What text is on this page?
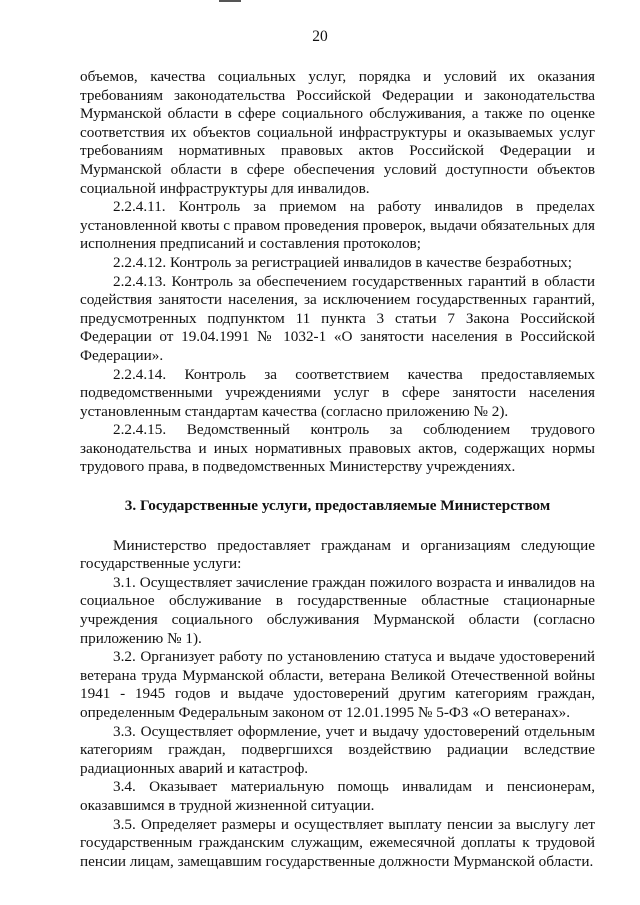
20

объемов, качества социальных услуг, порядка и условий их оказания требованиям законодательства Российской Федерации и законодательства Мурманской области в сфере социального обслуживания, а также по оценке соответствия их объектов социальной инфраструктуры и оказываемых услуг требованиям нормативных правовых актов Российской Федерации и Мурманской области в сфере обеспечения условий доступности объектов социальной инфраструктуры для инвалидов.

2.2.4.11. Контроль за приемом на работу инвалидов в пределах установленной квоты с правом проведения проверок, выдачи обязательных для исполнения предписаний и составления протоколов;

2.2.4.12. Контроль за регистрацией инвалидов в качестве безработных;

2.2.4.13. Контроль за обеспечением государственных гарантий в области содействия занятости населения, за исключением государственных гарантий, предусмотренных подпунктом 11 пункта 3 статьи 7 Закона Российской Федерации от 19.04.1991 № 1032-1 «О занятости населения в Российской Федерации».

2.2.4.14. Контроль за соответствием качества предоставляемых подведомственными учреждениями услуг в сфере занятости населения установленным стандартам качества (согласно приложению № 2).

2.2.4.15. Ведомственный контроль за соблюдением трудового законодательства и иных нормативных правовых актов, содержащих нормы трудового права, в подведомственных Министерству учреждениях.

3. Государственные услуги, предоставляемые Министерством

Министерство предоставляет гражданам и организациям следующие государственные услуги:

3.1. Осуществляет зачисление граждан пожилого возраста и инвалидов на социальное обслуживание в государственные областные стационарные учреждения социального обслуживания Мурманской области (согласно приложению № 1).

3.2. Организует работу по установлению статуса и выдаче удостоверений ветерана труда Мурманской области, ветерана Великой Отечественной войны 1941 - 1945 годов и выдаче удостоверений другим категориям граждан, определенным Федеральным законом от 12.01.1995 № 5-ФЗ «О ветеранах».

3.3. Осуществляет оформление, учет и выдачу удостоверений отдельным категориям граждан, подвергшихся воздействию радиации вследствие радиационных аварий и катастроф.

3.4. Оказывает материальную помощь инвалидам и пенсионерам, оказавшимся в трудной жизненной ситуации.

3.5. Определяет размеры и осуществляет выплату пенсии за выслугу лет государственным гражданским служащим, ежемесячной доплаты к трудовой пенсии лицам, замещавшим государственные должности Мурманской области.
